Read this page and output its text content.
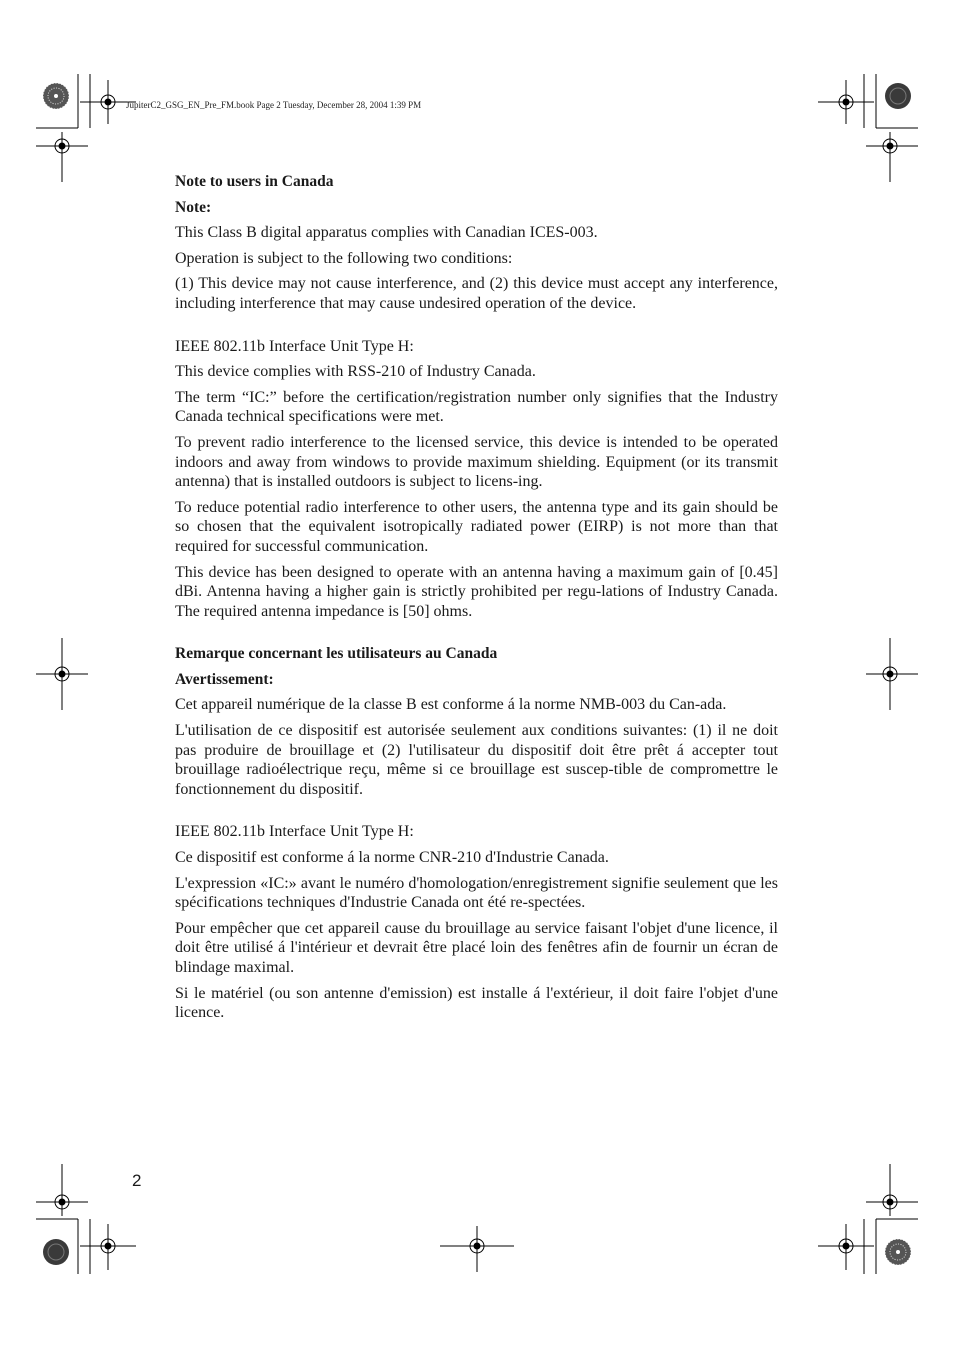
JupiterC2_GSG_EN_Pre_FM.book Page 2 Tuesday, December 28, 2004 1:39 PM

Note to users in Canada

Note:

This Class B digital apparatus complies with Canadian ICES-003.

Operation is subject to the following two conditions:

(1) This device may not cause interference, and (2) this device must accept any interference, including interference that may cause undesired operation of the device.

IEEE 802.11b Interface Unit Type H:

This device complies with RSS-210 of Industry Canada.

The term “IC:” before the certification/registration number only signifies that the Industry Canada technical specifications were met.

To prevent radio interference to the licensed service, this device is intended to be operated indoors and away from windows to provide maximum shielding. Equipment (or its transmit antenna) that is installed outdoors is subject to licens-ing.

To reduce potential radio interference to other users, the antenna type and its gain should be so chosen that the equivalent isotropically radiated power (EIRP) is not more than that required for successful communication.

This device has been designed to operate with an antenna having a maximum gain of [0.45] dBi. Antenna having a higher gain is strictly prohibited per regu-lations of Industry Canada. The required antenna impedance is [50] ohms.

Remarque concernant les utilisateurs au Canada

Avertissement:

Cet appareil numérique de la classe B est conforme á la norme NMB-003 du Can-ada.

L'utilisation de ce dispositif est autorisée seulement aux conditions suivantes: (1) il ne doit pas produire de brouillage et (2) l'utilisateur du dispositif doit être prêt á accepter tout brouillage radioélectrique reçu, même si ce brouillage est suscep-tible de compromettre le fonctionnement du dispositif.

IEEE 802.11b Interface Unit Type H:

Ce dispositif est conforme á la norme CNR-210 d'Industrie Canada.

L'expression «IC:» avant le numéro d'homologation/enregistrement signifie seulement que les spécifications techniques d'Industrie Canada ont été re-spectées.

Pour empêcher que cet appareil cause du brouillage au service faisant l'objet d'une licence, il doit être utilisé á l'intérieur et devrait être placé loin des fenêtres afin de fournir un écran de blindage maximal.

Si le matériel (ou son antenne d'emission) est installe á l'extérieur, il doit faire l'objet d'une licence.

2
